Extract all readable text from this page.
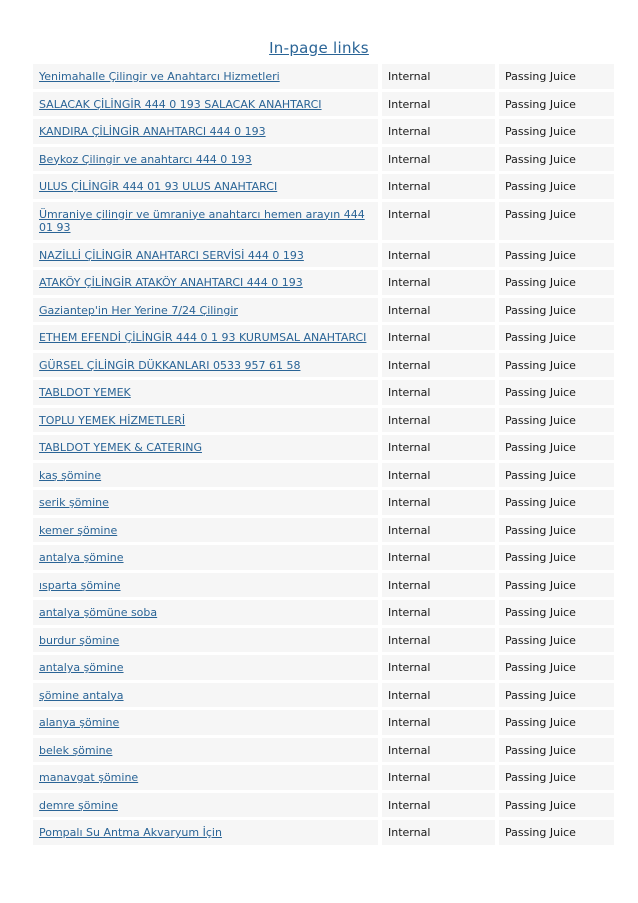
In-page links
Yenimahalle Çilingir ve Anahtarcı Hizmetleri		Internal		Passing Juice
SALACAK ÇİLİNGİR 444 0 193 SALACAK ANAHTARCI		Internal		Passing Juice
KANDIRA ÇİLİNGİR ANAHTARCI 444 0 193		Internal		Passing Juice
Beykoz Çilingir ve anahtarcı 444 0 193		Internal		Passing Juice
ULUS ÇİLİNGİR 444 01 93 ULUS ANAHTARCI		Internal		Passing Juice
Ümraniye çilingir ve ümraniye anahtarcı hemen arayın 444 01 93		Internal		Passing Juice
NAZİLLİ ÇİLİNGİR ANAHTARCI SERVİSİ 444 0 193		Internal		Passing Juice
ATAKÖY ÇİLİNGİR ATAKÖY ANAHTARCI 444 0 193		Internal		Passing Juice
Gaziantep'in Her Yerine 7/24 Çilingir		Internal		Passing Juice
ETHEM EFENDİ ÇİLİNGİR 444 0 1 93 KURUMSAL ANAHTARCI		Internal		Passing Juice
GÜRSEL ÇİLİNGİR DÜKKANLARI 0533 957 61 58		Internal		Passing Juice
TABLDOT YEMEK		Internal		Passing Juice
TOPLU YEMEK HİZMETLERİ		Internal		Passing Juice
TABLDOT YEMEK & CATERING		Internal		Passing Juice
kaş şömine		Internal		Passing Juice
serik şömine		Internal		Passing Juice
kemer şömine		Internal		Passing Juice
antalya şömine		Internal		Passing Juice
ısparta şömine		Internal		Passing Juice
antalya şömüne soba		Internal		Passing Juice
burdur şömine		Internal		Passing Juice
antalya şömine		Internal		Passing Juice
şömine antalya		Internal		Passing Juice
alanya şömine		Internal		Passing Juice
belek şömine		Internal		Passing Juice
manavgat şömine		Internal		Passing Juice
demre şömine		Internal		Passing Juice
Pompalı Su Antma Akvaryum İçin		Internal		Passing Juice
